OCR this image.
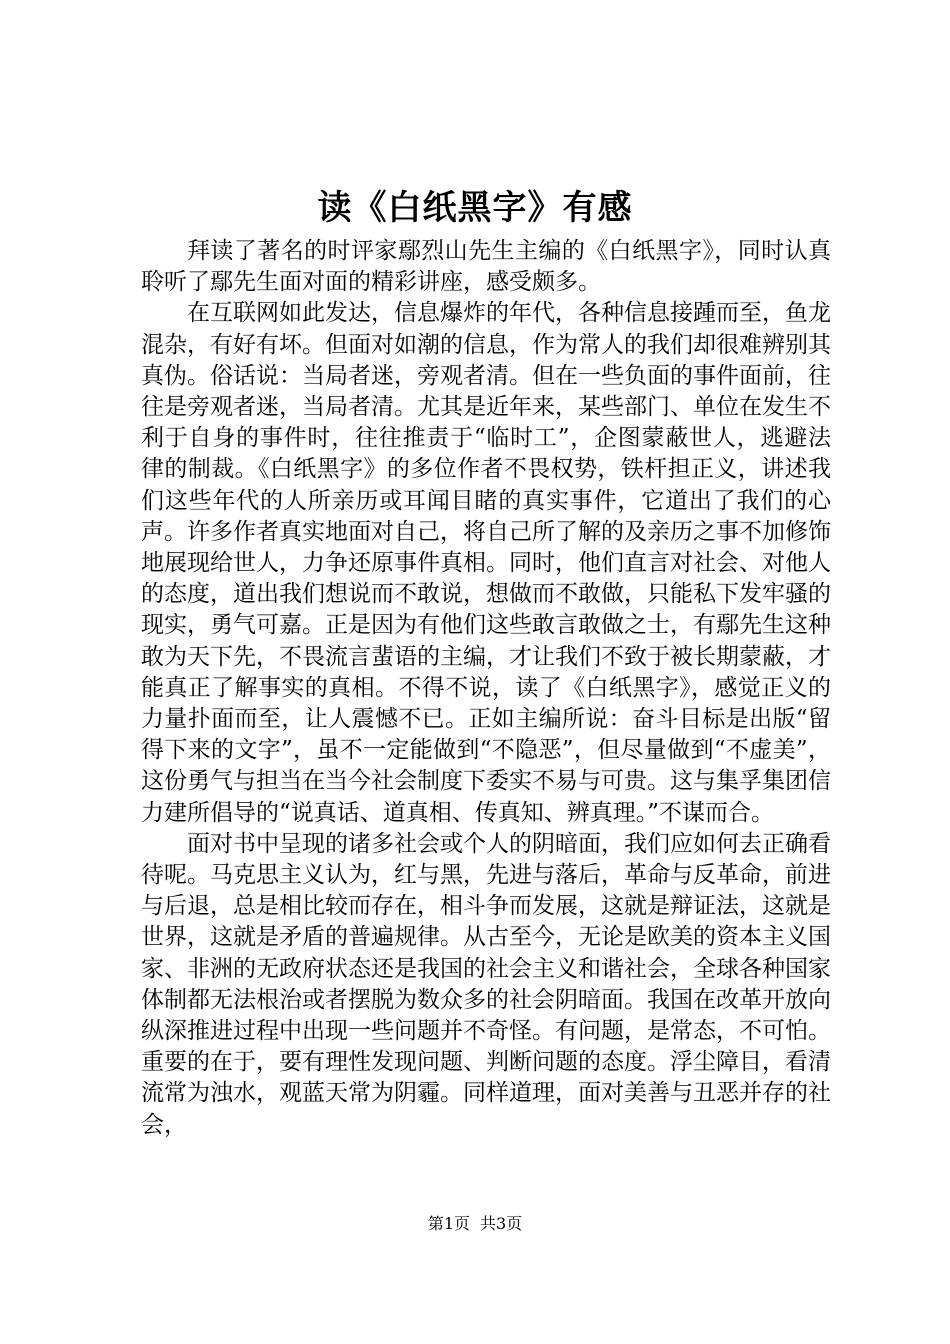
读《白纸黑字》有感

拜读了著名的时评家鄢烈山先生主编的《白纸黑字》，同时认真聆听了鄢先生面对面的精彩讲座，感受颇多。

在互联网如此发达，信息爆炸的年代，各种信息接踵而至，鱼龙混杂，有好有坏。但面对如潮的信息，作为常人的我们却很难辨别其真伪。俗话说：当局者迷，旁观者清。但在一些负面的事件面前，往往是旁观者迷，当局者清。尤其是近年来，某些部门、单位在发生不利于自身的事件时，往往推责于“临时工”，企图蒙蔽世人，逃避法律的制裁。《白纸黑字》的多位作者不畏权势，铁杆担正义，讲述我们这些年代的人所亲历或耳闻目睹的真实事件，它道出了我们的心声。许多作者真实地面对自己，将自己所了解的及亲历之事不加修饰地展现给世人，力争还原事件真相。同时，他们直言对社会、对他人的态度，道出我们想说而不敢说，想做而不敢做，只能私下发牢骚的现实，勇气可嘉。正是因为有他们这些敢言敢做之士，有鄢先生这种敢为天下先，不畏流言蜚语的主编，才让我们不致于被长期蒙蔽，才能真正了解事实的真相。不得不说，读了《白纸黑字》，感觉正义的力量扑面而至，让人震憾不已。正如主编所说：奋斗目标是出版“留得下来的文字”，虽不一定能做到“不隐恶”，但尽量做到“不虚美”，这份勇气与担当在当今社会制度下委实不易与可贵。这与集孚集团信力建所倡导的“说真话、道真相、传真知、辨真理。”不谋而合。

面对书中呈现的诸多社会或个人的阴暗面，我们应如何去正确看待呢。马克思主义认为，红与黑，先进与落后，革命与反革命，前进与后退，总是相比较而存在，相斗争而发展，这就是辩证法，这就是世界，这就是矛盾的普遍规律。从古至今，无论是欧美的资本主义国家、非洲的无政府状态还是我国的社会主义和谐社会，全球各种国家体制都无法根治或者摆脱为数众多的社会阴暗面。我国在改革开放向纵深推进过程中出现一些问题并不奇怪。有问题，是常态，不可怕。重要的在于，要有理性发现问题、判断问题的态度。浮尘障目，看清流常为浊水，观蓝天常为阴霾。同样道理，面对美善与丑恶并存的社会，

第1页 共3页
